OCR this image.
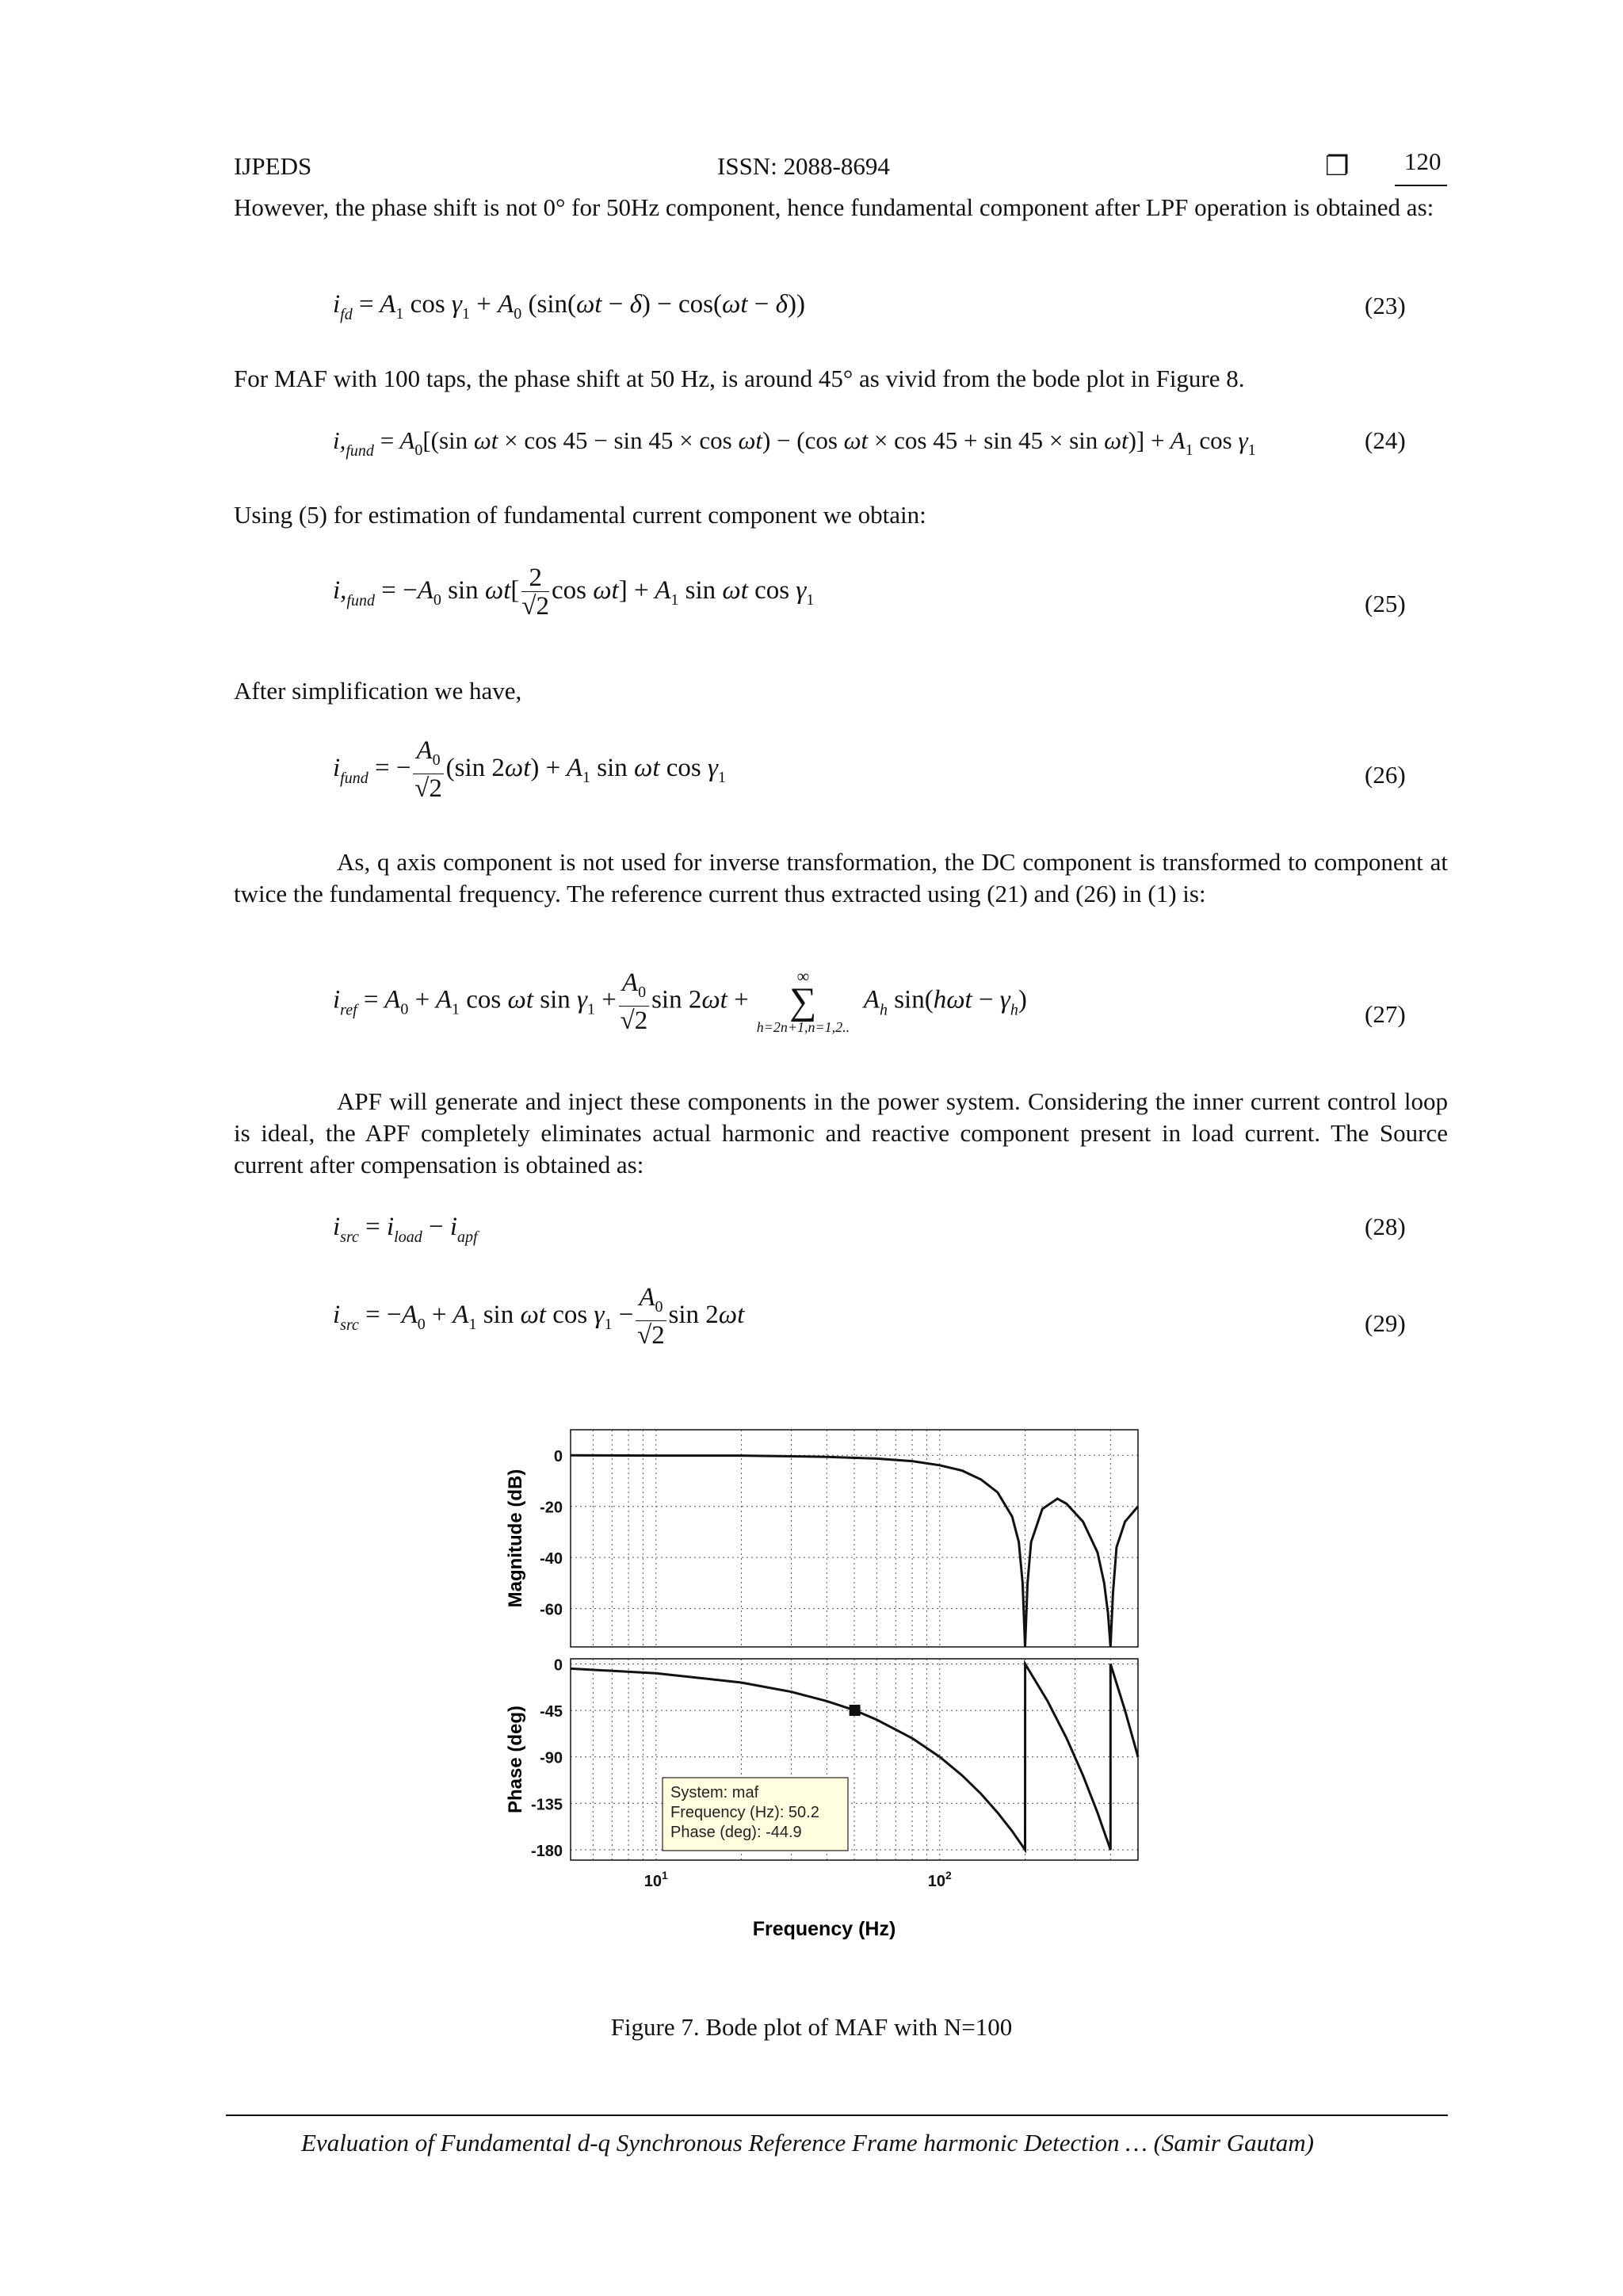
IJPEDS	ISSN: 2088-8694	❐ 120
However, the phase shift is not 0° for 50Hz component, hence fundamental component after LPF operation is obtained as:
$i_{fd} = A_1$ $\cos \gamma_1 + A_0$ (sin(ωt − δ) − cos(ωt − δ))	(23)
For MAF with 100 taps, the phase shift at 50 Hz, is around 45° as vivid from the bode plot in Figure 8.
$i,_{fund} = A_0[(\sin$ ωt × cos 45 − sin 45 × cos ωt) − (cos $\omega t \times \cos 45 + \sin 45 \times \sin \omega t)] + A_1$ $\cos \gamma_1$	(24)
Using (5) for estimation of fundamental current component we obtain:
$i,_{fund} = -A_0$ $\sin \omega t[ \frac{2}{√2}$ $\cos \omega t] + A_1$ sin ωt $\cos \gamma_1$	(25)
After simplification we have,
$i_{fund}$ = − $\frac{A_0}{√2} (\sin$ $2\omega t) + A_1$ sin ωt $\cos \gamma_1$	(26)
As, q axis component is not used for inverse transformation, the DC component is transformed to component at twice the fundamental frequency. The reference current thus extracted using (21) and (26) in (1) is:
$i_{ref} = A_0 + A_1$ cos ωt $\sin \gamma_1 + \frac{A_0}{√2}$ sin 2ωt +
∞
∑
h=2n+1,n=1,2..
$A_h$ $\sin(h\omega t - \gamma_h)$	(27)
APF will generate and inject these components in the power system. Considering the inner current control loop is ideal, the APF completely eliminates actual harmonic and reactive component present in load current. The Source current after compensation is obtained as:
$i_{src} = i_{load} - i_{apf}$	(28)
$i_{src} = -A_0 + A_1$ sin ωt $\cos \gamma_1 - \frac{A_0}{√2}$ sin 2ωt	(29)
0
-20
-40
-60
0
-45
-90
-135
-180
$10^1$	$10^2$
Magnitude (dB)
Phase (deg)
Frequency (Hz)
System: maf
Frequency (Hz): 50.2
Phase (deg): -44.9
Figure 7. Bode plot of MAF with N=100
Evaluation of Fundamental d-q Synchronous Reference Frame harmonic Detection … (Samir Gautam)
